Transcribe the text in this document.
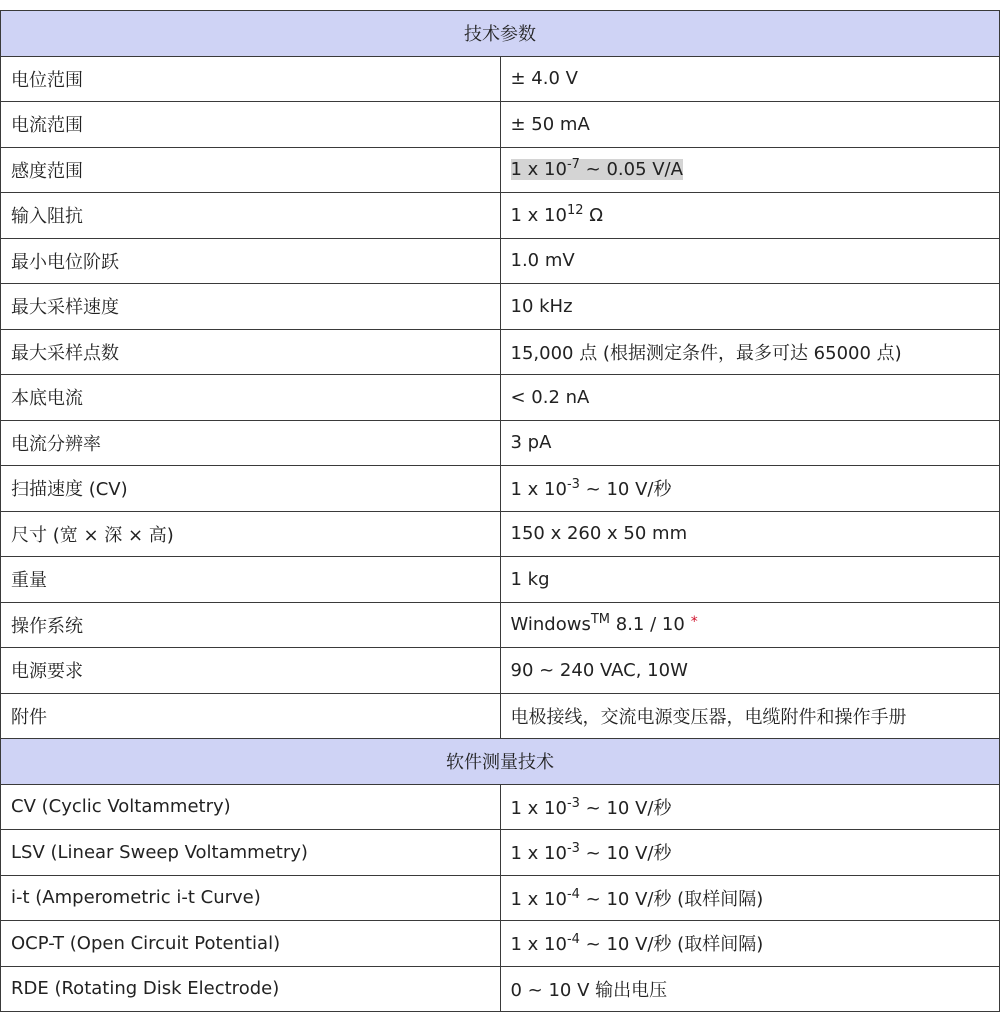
技术参数	
电位范围	± 4.0 V
电流范围	± 50 mA
感度范围	1 x $10^{-7}$ ~ 0.05 V/A
输入阻抗	1 x $10^{12}$ Ω
最小电位阶跃	1.0 mV
最大采样速度	10 kHz
最大采样点数	15,000 点 (根据测定条件，最多可达 65000 点)
本底电流	< 0.2 nA
电流分辨率	3 pA
扫描速度 (CV)	1 x $10^{-3}$ ~ 10 V/秒
尺寸 (宽 × 深 × 高)	150 x 260 x 50 mm
重量	1 kg
操作系统	Windows™ 8.1 / 10 *
电源要求	90 ~ 240 VAC, 10W
附件	电极接线，交流电源变压器，电缆附件和操作手册
软件测量技术	
CV (Cyclic Voltammetry)	1 x $10^{-3}$ ~ 10 V/秒
LSV (Linear Sweep Voltammetry)	1 x $10^{-3}$ ~ 10 V/秒
i-t (Amperometric i-t Curve)	1 x $10^{-4}$ ~ 10 V/秒 (取样间隔)
OCP-T (Open Circuit Potential)	1 x $10^{-4}$ ~ 10 V/秒 (取样间隔)
RDE (Rotating Disk Electrode)	0 ~ 10 V 输出电压
